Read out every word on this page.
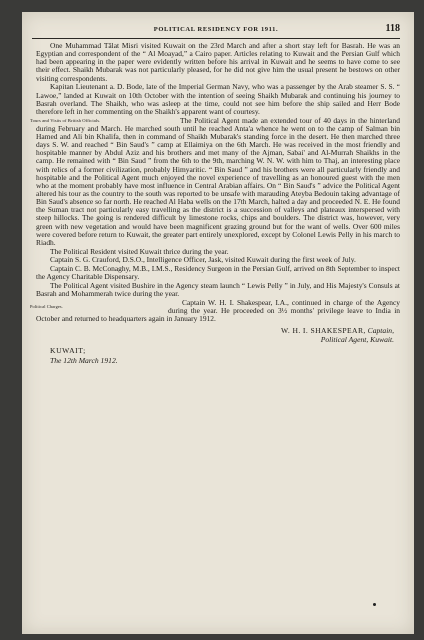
POLITICAL RESIDENCY FOR 1911.	118

One Muhammad Tâlat Misri visited Kuwait on the 23rd March and after a short stay left for Basrah. He was an Egyptian and correspondent of the “ Al Moayad,” a Cairo paper. Articles relating to Kuwait and the Persian Gulf which had been appearing in the paper were evidently written before his arrival in Kuwait and he seems to have come to see their effect. Shaikh Mubarak was not particularly pleased, for he did not give him the usual present he bestows on other visiting correspondents.

Kapitan Lieutenant a. D. Bode, late of the Imperial German Navy, who was a passenger by the Arab steamer S. S. “ Lawoe,” landed at Kuwait on 10th October with the intention of seeing Shaikh Mubarak and continuing his journey to Basrah overland. The Shaikh, who was asleep at the time, could not see him before the ship sailed and Herr Bode therefore left in her commenting on the Shaikh's apparent want of courtesy.

Tours and Visits of British Officials.	The Political Agent made an extended tour of 40 days in the hinterland during February and March. He marched south until he reached Anta'a whence he went on to the camp of Salman bin Hamed and Ali bin Khalifa, then in command of Shaikh Mubarak's standing force in the desert. He then marched three days S. W. and reached “ Bin Saud's ” camp at Ellaimiya on the 6th March. He was received in the most friendly and hospitable manner by Abdul Aziz and his brothers and met many of the Ajman, Sabai' and Al-Murrah Shaikhs in the camp. He remained with “ Bin Saud ” from the 6th to the 9th, marching W. N. W. with him to Thaj, an interesting place with relics of a former civilization, probably Himyaritic. “ Bin Saud ” and his brothers were all particularly friendly and hospitable and the Political Agent much enjoyed the novel experience of travelling as an honoured guest with the men who at the moment probably have most influence in Central Arabian affairs. On “ Bin Saud's ” advice the Political Agent altered his tour as the country to the south was reported to be unsafe with marauding Ateyba Bedouin taking advantage of Bin Saud's absence so far north. He reached Al Haba wells on the 17th March, halted a day and proceeded N. E. He found the Suman tract not particularly easy travelling as the district is a succession of valleys and plateaux interspersed with steep hillocks. The going is rendered difficult by limestone rocks, chips and boulders. The district was, however, very green with new vegetation and would have been magnificent grazing ground but for the want of wells. Over 600 miles were covered before return to Kuwait, the greater part entirely unexplored, except by Colonel Lewis Pelly in his march to Riadh.

The Political Resident visited Kuwait thrice during the year.

Captain S. G. Crauford, D.S.O., Intelligence Officer, Jask, visited Kuwait during the first week of July.

Captain C. B. McConaghy, M.B., I.M.S., Residency Surgeon in the Persian Gulf, arrived on 8th September to inspect the Agency Charitable Dispensary.

The Political Agent visited Bushire in the Agency steam launch “ Lewis Pelly ” in July, and His Majesty's Consuls at Basrah and Mohammerah twice during the year.

Political Charges.	Captain W. H. I. Shakespear, I.A., continued in charge of the Agency during the year. He proceeded on 3½ months' privilege leave to India in October and returned to headquarters again in January 1912.

W. H. I. SHAKESPEAR, Captain,
Political Agent, Kuwait.
KUWAIT;
The 12th March 1912.
